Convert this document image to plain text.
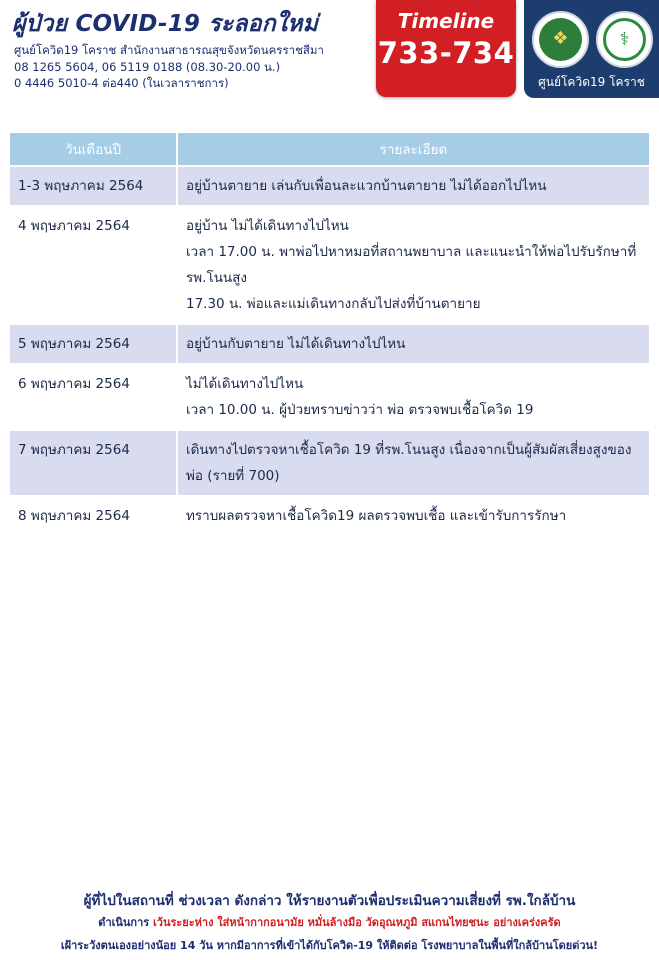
ผู้ป่วย COVID-19 ระลอกใหม่
ศูนย์โควิด19 โคราช สำนักงานสาธารณสุขจังหวัดนครราชสีมา
08 1265 5604, 06 5119 0188 (08.30-20.00 น.)
0 4446 5010-4 ต่อ440 (ในเวลาราชการ)
Timeline
733-734	❖	⚕
ศูนย์โควิด19 โคราช
วันเดือนปี	รายละเอียด
1-3 พฤษภาคม 2564	อยู่บ้านตายาย เล่นกับเพื่อนละแวกบ้านตายาย ไม่ได้ออกไปไหน

4 พฤษภาคม 2564	อยู่บ้าน ไม่ได้เดินทางไปไหน
เวลา 17.00 น. พาพ่อไปหาหมอที่สถานพยาบาล และแนะนำให้พ่อไปรับรักษาที่ รพ.โนนสูง
17.30 น. พ่อและแม่เดินทางกลับไปส่งที่บ้านตายาย

5 พฤษภาคม 2564	อยู่บ้านกับตายาย ไม่ได้เดินทางไปไหน

6 พฤษภาคม 2564	ไม่ได้เดินทางไปไหน
เวลา 10.00 น. ผู้ป่วยทราบข่าวว่า พ่อ ตรวจพบเชื้อโควิด 19

7 พฤษภาคม 2564	เดินทางไปตรวจหาเชื้อโควิด 19 ที่รพ.โนนสูง เนื่องจากเป็นผู้สัมผัสเสี่ยงสูงของพ่อ (รายที่ 700)

8 พฤษภาคม 2564	ทราบผลตรวจหาเชื้อโควิด19 ผลตรวจพบเชื้อ และเข้ารับการรักษา
ผู้ที่ไปในสถานที่ ช่วงเวลา ดังกล่าว ให้รายงานตัวเพื่อประเมินความเสี่ยงที่ รพ.ใกล้บ้าน
ดำเนินการ เว้นระยะห่าง ใส่หน้ากากอนามัย หมั่นล้างมือ วัดอุณหภูมิ สแกนไทยชนะ อย่างเคร่งครัด
เฝ้าระวังตนเองอย่างน้อย 14 วัน หากมีอาการที่เข้าได้กับโควิด-19 ให้ติดต่อ โรงพยาบาลในพื้นที่ใกล้บ้านโดยด่วน!
